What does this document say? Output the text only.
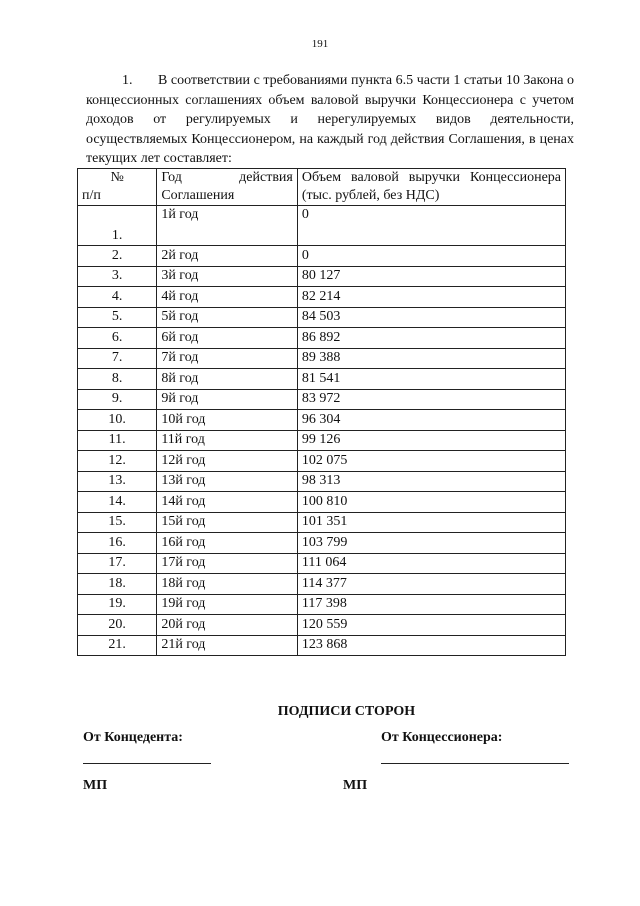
191
1. В соответствии с требованиями пункта 6.5 части 1 статьи 10 Закона о концессионных соглашениях объем валовой выручки Концессионера с учетом доходов от регулируемых и нерегулируемых видов деятельности, осуществляемых Концессионером, на каждый год действия Соглашения, в ценах текущих лет составляет:
№
п/п	Год действия Соглашения	Объем валовой выручки Концессионера (тыс. рублей, без НДС)
1.	1й год	0
2.	2й год	0
3.	3й год	80 127
4.	4й год	82 214
5.	5й год	84 503
6.	6й год	86 892
7.	7й год	89 388
8.	8й год	81 541
9.	9й год	83 972
10.	10й год	96 304
11.	11й год	99 126
12.	12й год	102 075
13.	13й год	98 313
14.	14й год	100 810
15.	15й год	101 351
16.	16й год	103 799
17.	17й год	111 064
18.	18й год	114 377
19.	19й год	117 398
20.	20й год	120 559
21.	21й год	123 868
ПОДПИСИ СТОРОН
От Концедента:	От Концессионера:
МП	МП
